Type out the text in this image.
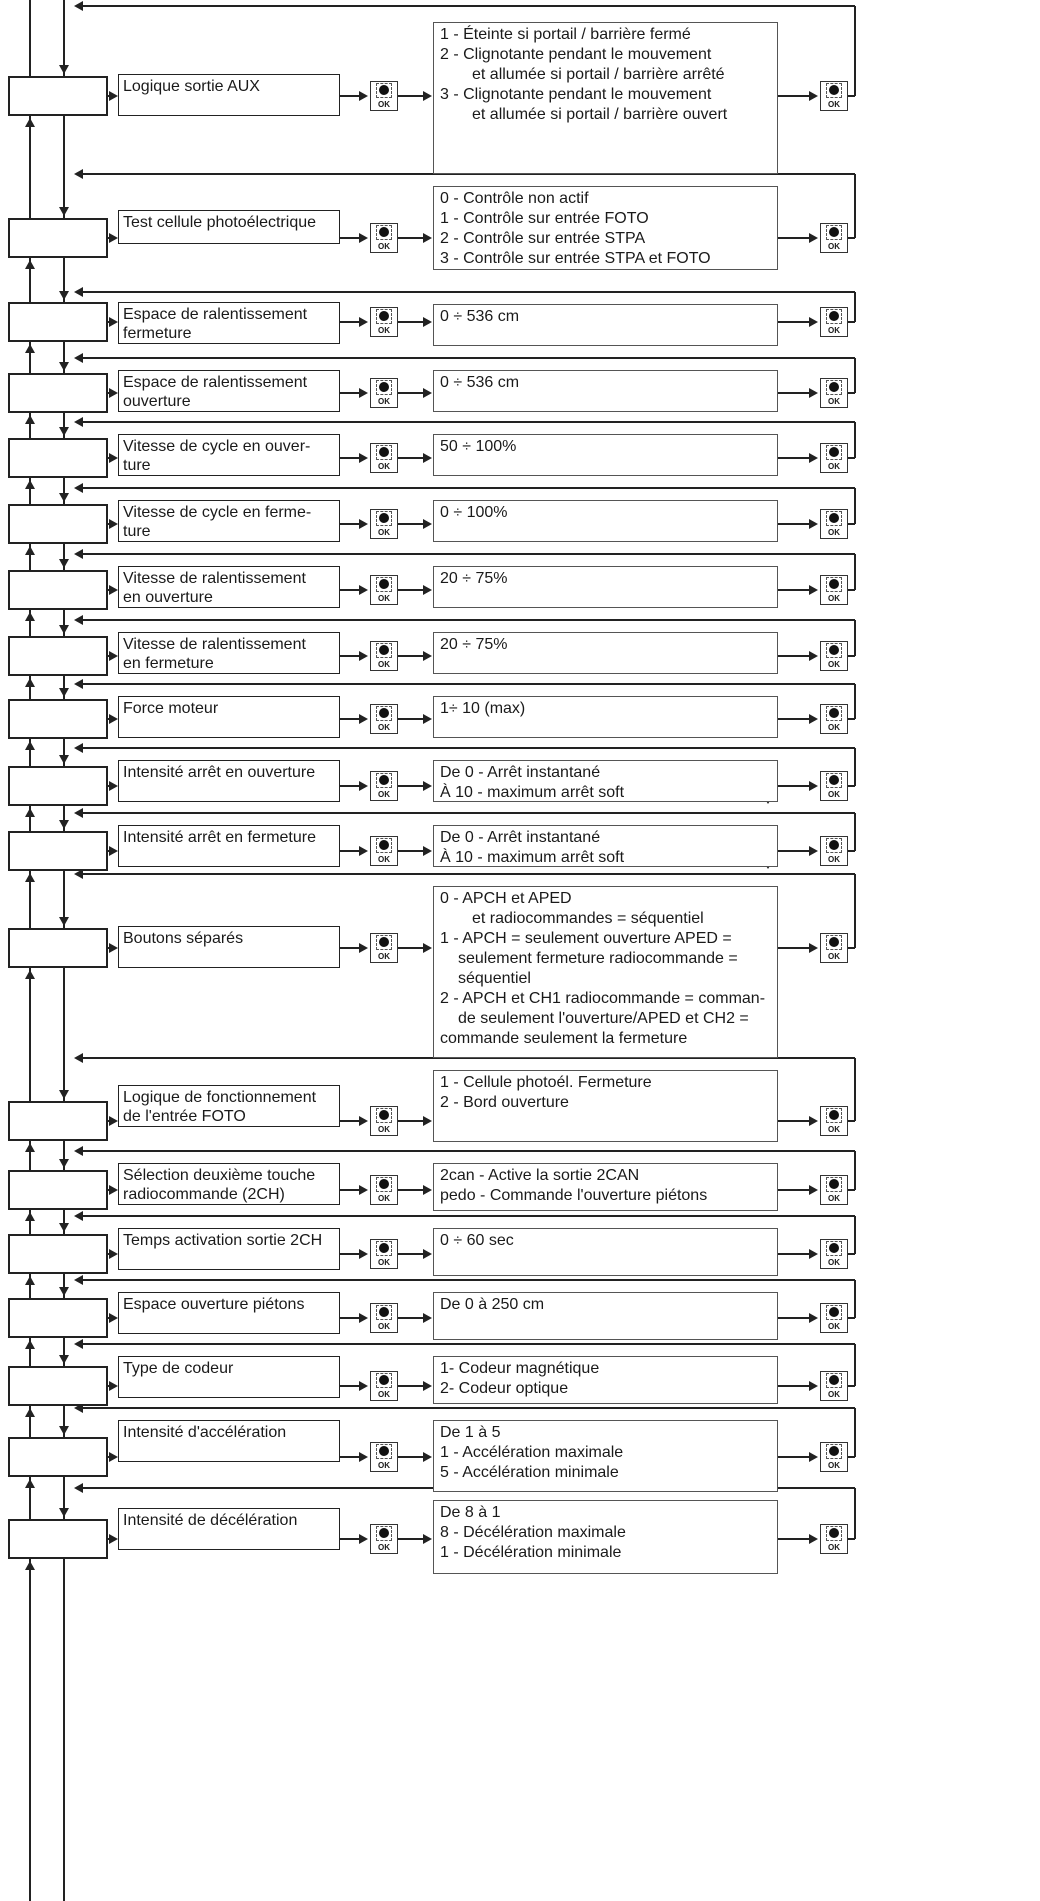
Logique sortie AUX
OK
1 - Éteinte si portail / barrière fermé
2 - Clignotante pendant le mouvement
et allumée si portail / barrière arrêté
3 - Clignotante pendant le mouvement
et allumée si portail / barrière ouvert
OK
Test cellule photoélectrique
OK
0 - Contrôle non actif
1 - Contrôle sur entrée FOTO
2 - Contrôle sur entrée STPA
3 - Contrôle sur entrée STPA et FOTO
OK
Espace de ralentissement
fermeture	OK
0 ÷ 536 cm
OK
Espace de ralentissement
ouverture	OK
0 ÷ 536 cm
OK
Vitesse de cycle en ouver-
ture	OK
50 ÷ 100%
OK
Vitesse de cycle en ferme-
ture	OK
0 ÷ 100%
OK
Vitesse de ralentissement
en ouverture	OK
20 ÷ 75%
OK
Vitesse de ralentissement
en fermeture	OK
20 ÷ 75%
OK
Force moteur
OK
1÷ 10 (max)
OK
Intensité arrêt en ouverture
OK
De 0 - Arrêt instantané
À 10 - maximum arrêt soft	OK
Intensité arrêt en fermeture
OK
De 0 - Arrêt instantané
À 10 - maximum arrêt soft	OK
Boutons séparés
OK
0 - APCH et APED
et radiocommandes = séquentiel
1 - APCH = seulement ouverture APED =
seulement fermeture radiocommande =
séquentiel
2 - APCH et CH1 radiocommande = comman-
de seulement l'ouverture/APED et CH2 =
commande seulement la fermeture
OK
Logique de fonctionnement
de l'entrée FOTO
OK
1 - Cellule photoél. Fermeture
2 - Bord ouverture
OK
Sélection deuxième touche
radiocommande (2CH)	OK
2can - Active la sortie 2CAN
pedo - Commande l'ouverture piétons	OK
Temps activation sortie 2CH
OK
0 ÷ 60 sec
OK
Espace ouverture piétons
OK
De 0 à 250 cm
OK
Type de codeur
OK
1- Codeur magnétique
2- Codeur optique	OK
Intensité d'accélération
OK
De 1 à 5
1 - Accélération maximale
5 - Accélération minimale	OK
Intensité de décélération
OK
De 8 à 1
8 - Décélération maximale
1 - Décélération minimale	OK
